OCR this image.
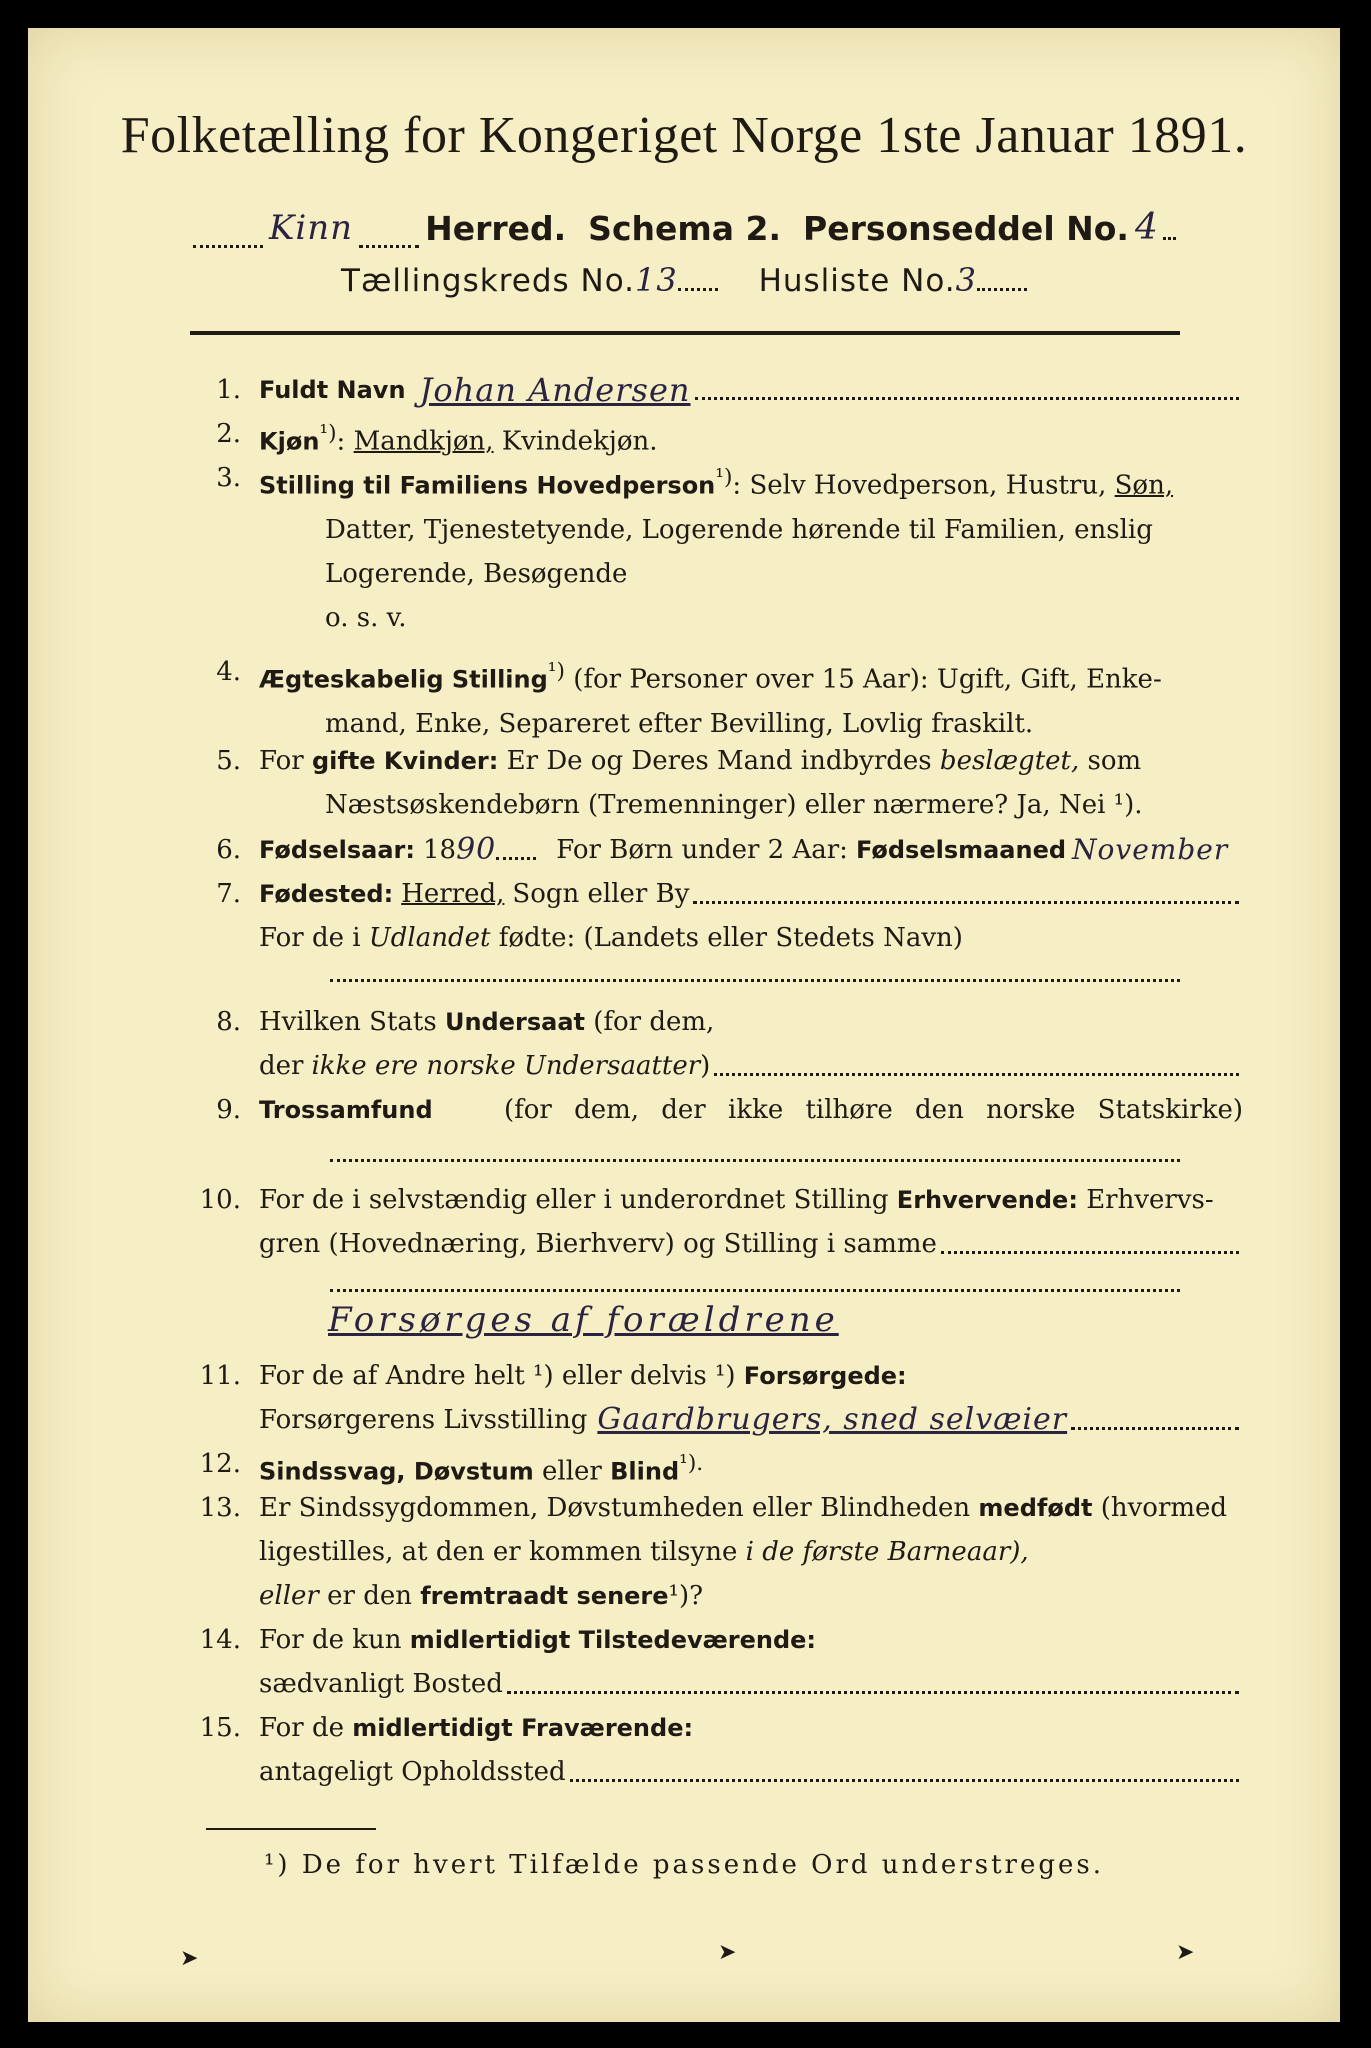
Folketælling for Kongeriget Norge 1ste Januar 1891.
Kinn Herred. Schema 2. Personseddel No. 4
Tællingskreds No.13	Husliste No.3
1. Fuldt Navn Johan Andersen
2. Kjøn$^{^1)}$: Mandkjøn, Kvindekjøn.
3. Stilling til Familiens Hovedperson$^{^1)}$: Selv Hovedperson, Hustru, Søn,
Datter, Tjenestetyende, Logerende hørende til Familien, enslig
Logerende, Besøgende
o. s. v.
4. Ægteskabelig Stilling$^{^1)}$ (for Personer over 15 Aar): Ugift, Gift, Enke-
mand, Enke, Separeret efter Bevilling, Lovlig fraskilt.
5. For gifte Kvinder: Er De og Deres Mand indbyrdes beslægtet, som
Næstsøskendebørn (Tremenninger) eller nærmere? Ja, Nei ¹).
6. Fødselsaar: 18 90 For Børn under 2 Aar: Fødselsmaaned November
7. Fødested: Herred, Sogn eller By
For de i Udlandet fødte: (Landets eller Stedets Navn)
8. Hvilken Stats Undersaat (for dem,
der ikke ere norske Undersaatter )
9. Trossamfund	(for dem, der ikke tilhøre den norske Statskirke)
10. For de i selvstændig eller i underordnet Stilling Erhvervende: Erhvervs-
gren (Hovednæring, Bierhverv) og Stilling i samme
Forsørges af forældrene
11. For de af Andre helt ¹) eller delvis ¹) Forsørgede:
Forsørgerens Livsstilling Gaardbrugers, sned selvæier
12. Sindssvag, Døvstum eller Blind$^{^1).}$
13. Er Sindssygdommen, Døvstumheden eller Blindheden medfødt (hvormed
ligestilles, at den er kommen tilsyne i de første Barneaar),
eller er den fremtraadt senere¹)?
14. For de kun midlertidigt Tilstedeværende:
sædvanligt Bosted
15. For de midlertidigt Fraværende:
antageligt Opholdssted
¹) De for hvert Tilfælde passende Ord understreges.
➤	➤	➤
